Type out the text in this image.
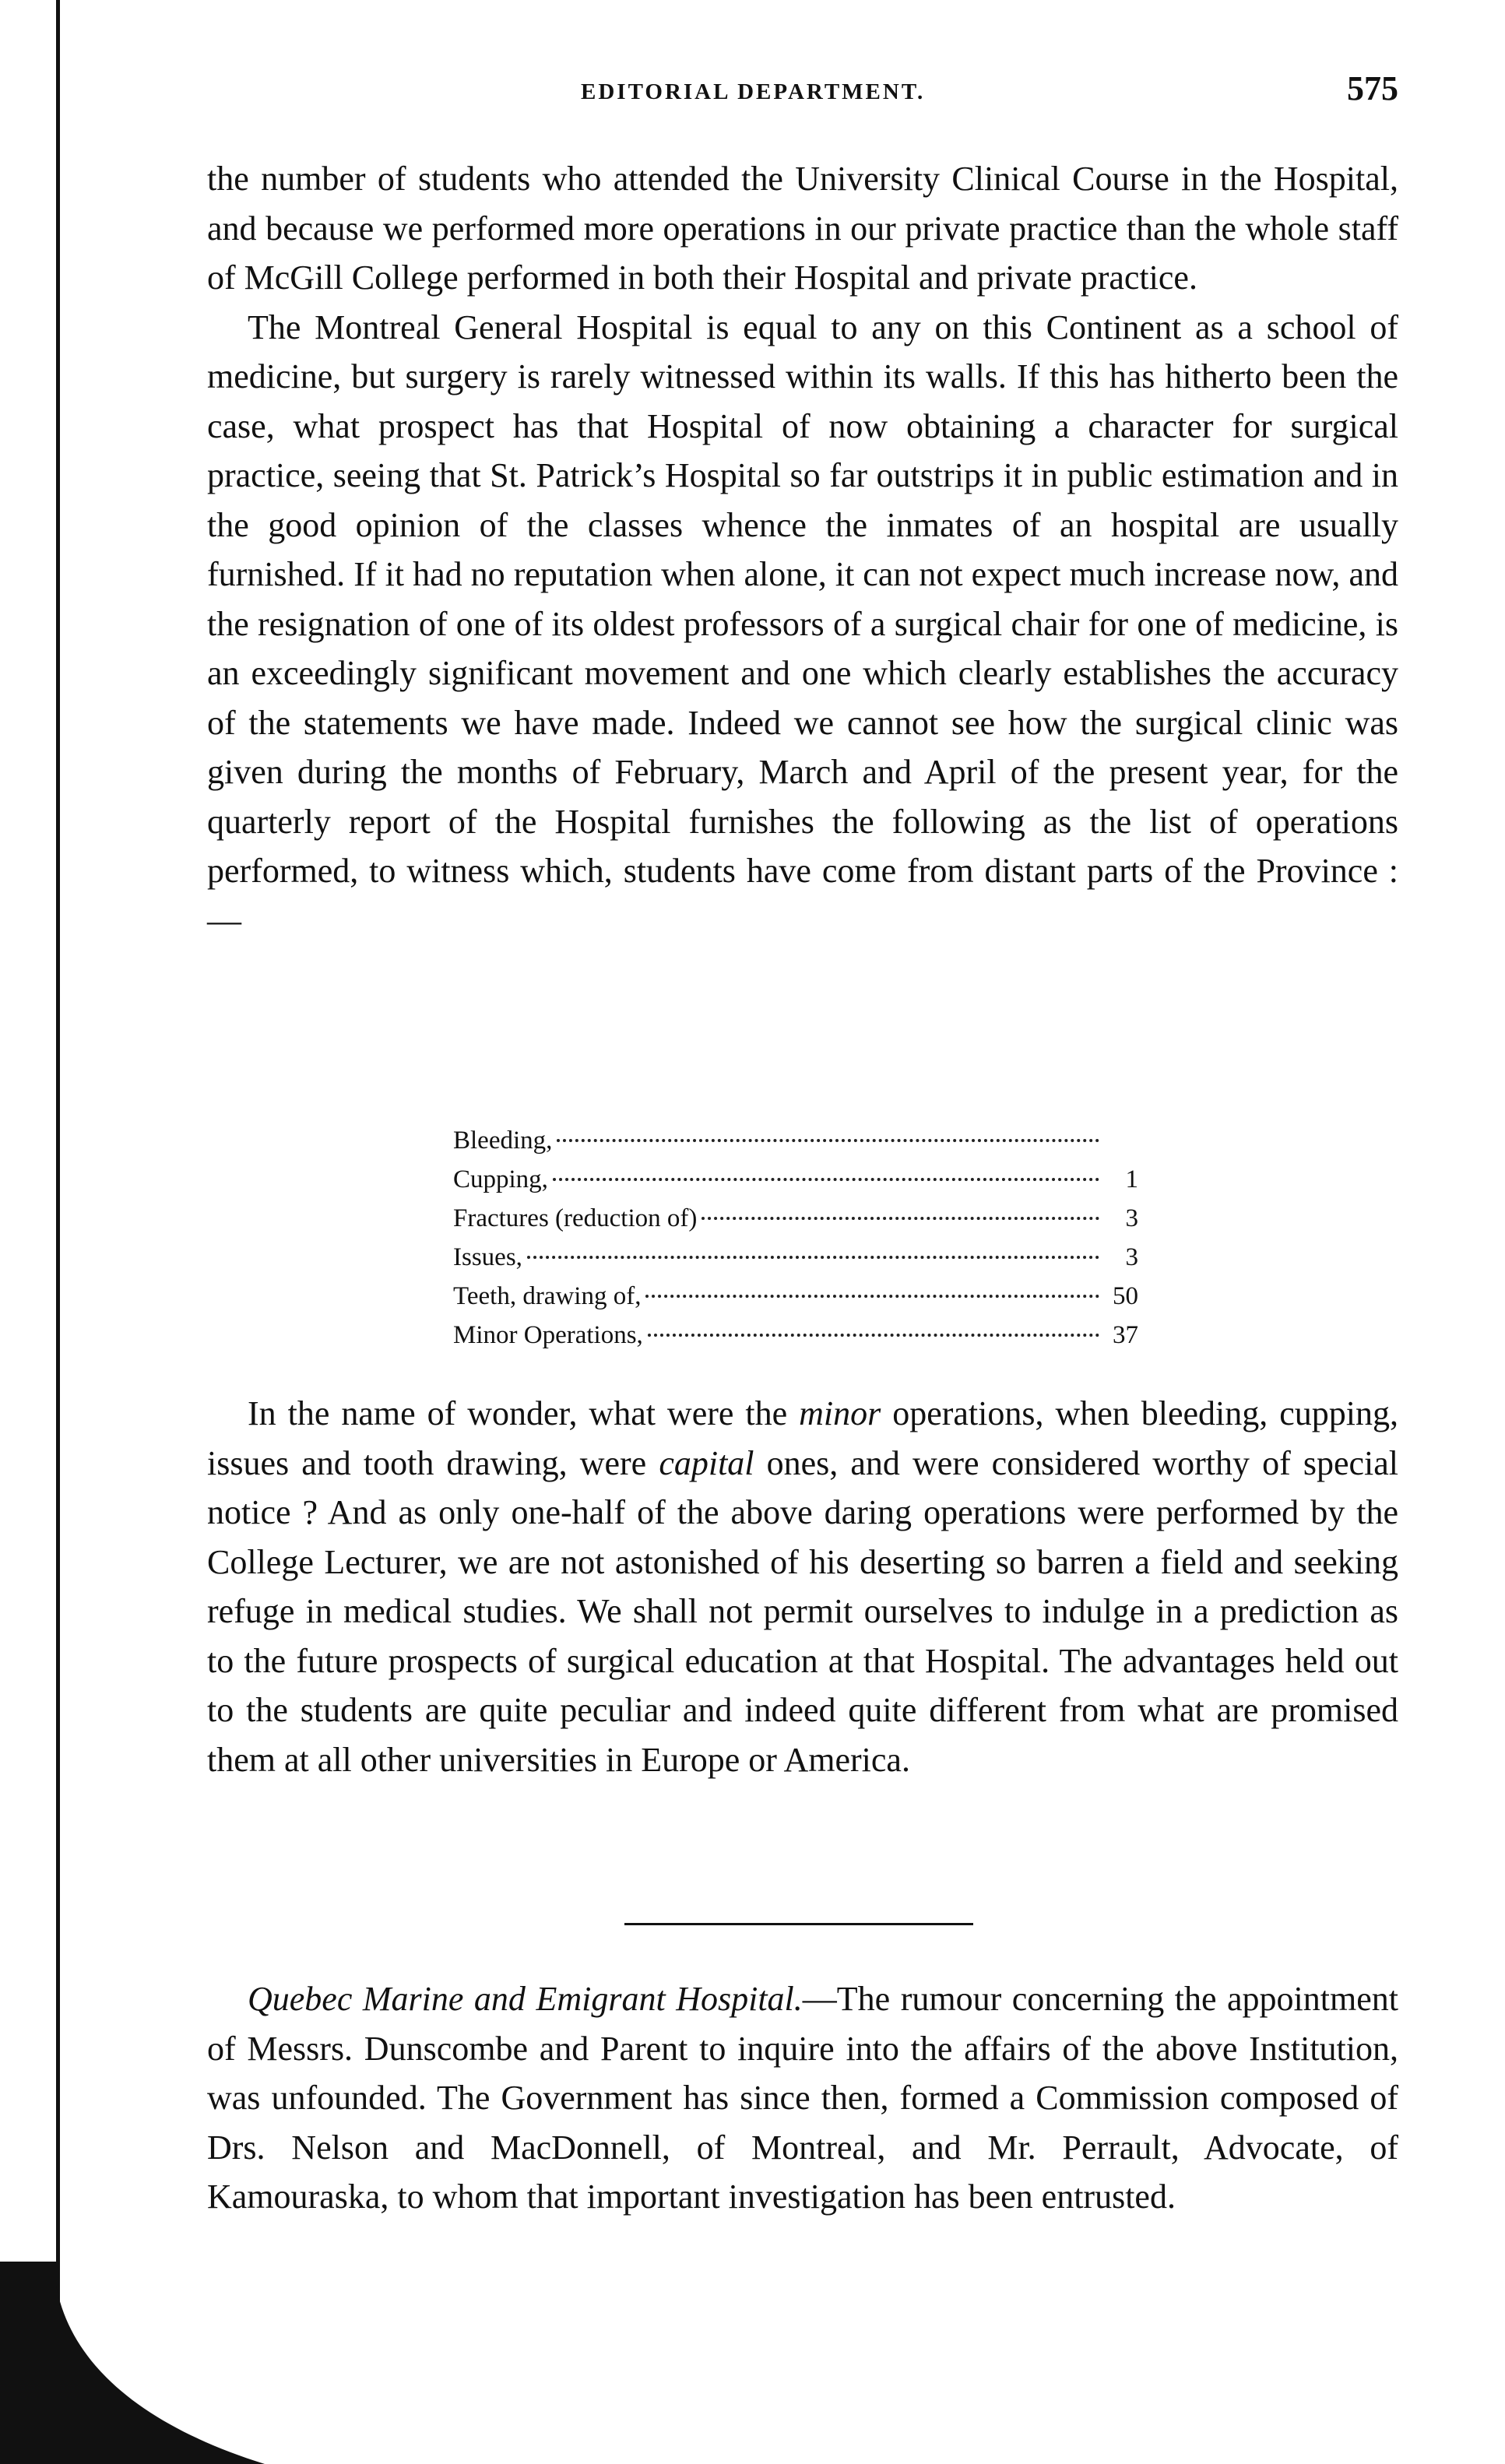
EDITORIAL DEPARTMENT.	575

the number of students who attended the University Clinical Course in the Hospital, and because we performed more operations in our private practice than the whole staff of McGill College performed in both their Hospital and private practice.

The Montreal General Hospital is equal to any on this Continent as a school of medicine, but surgery is rarely witnessed within its walls. If this has hitherto been the case, what prospect has that Hospital of now obtaining a character for surgical practice, seeing that St. Patrick’s Hospital so far outstrips it in public estimation and in the good opinion of the classes whence the inmates of an hospital are usually furnished. If it had no reputation when alone, it can not expect much increase now, and the resignation of one of its oldest professors of a surgical chair for one of medicine, is an exceedingly significant movement and one which clearly establishes the accuracy of the statements we have made. Indeed we cannot see how the surgical clinic was given during the months of February, March and April of the present year, for the quarterly report of the Hospital furnishes the following as the list of operations performed, to witness which, students have come from distant parts of the Province :—

Bleeding,
Cupping,	1
Fractures (reduction of)	3
Issues,	3
Teeth, drawing of,	50
Minor Operations,	37

In the name of wonder, what were the minor operations, when bleeding, cupping, issues and tooth drawing, were capital ones, and were considered worthy of special notice ? And as only one-half of the above daring operations were performed by the College Lecturer, we are not astonished of his deserting so barren a field and seeking refuge in medical studies. We shall not permit ourselves to indulge in a prediction as to the future prospects of surgical education at that Hospital. The advantages held out to the students are quite peculiar and indeed quite different from what are promised them at all other universities in Europe or America.

Quebec Marine and Emigrant Hospital.—The rumour concerning the appointment of Messrs. Dunscombe and Parent to inquire into the affairs of the above Institution, was unfounded. The Government has since then, formed a Commission composed of Drs. Nelson and MacDonnell, of Montreal, and Mr. Perrault, Advocate, of Kamouraska, to whom that important investigation has been entrusted.
